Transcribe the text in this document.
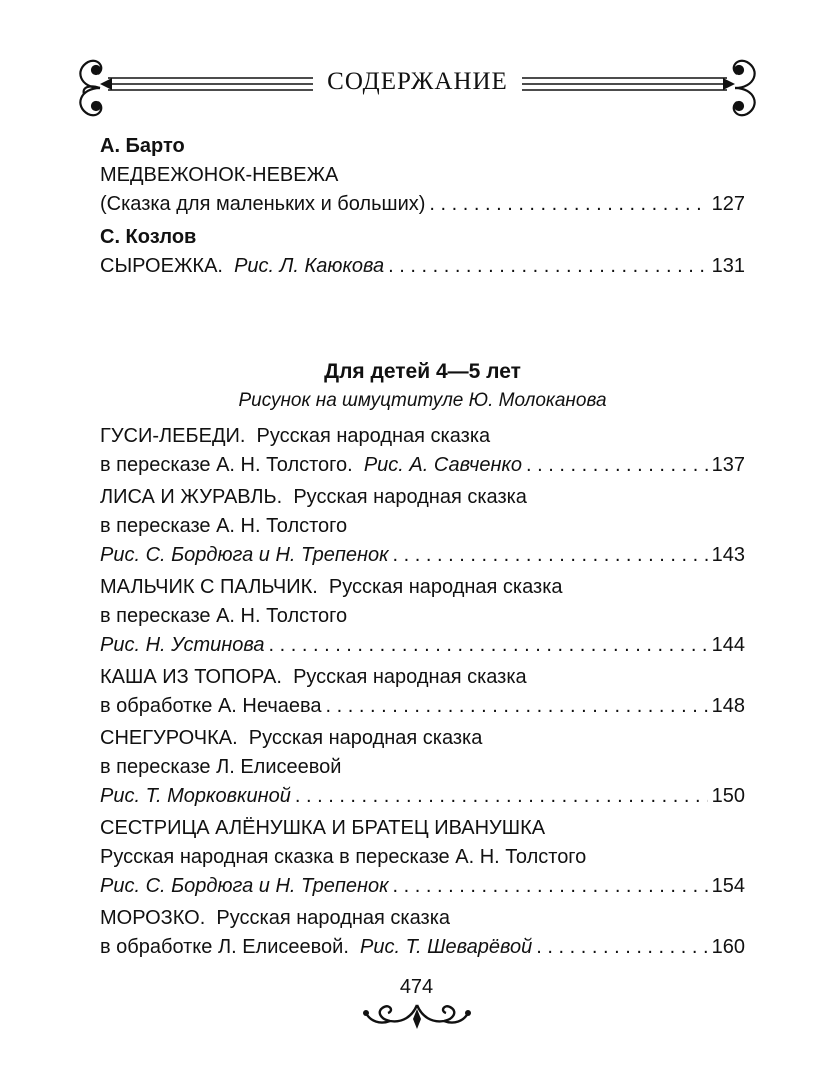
СОДЕРЖАНИЕ
А. Барто
МЕДВЕЖОНОК-НЕВЕЖА
(Сказка для маленьких и больших) . . .	127
С. Козлов
СЫРОЕЖКА. Рис. Л. Каюкова . . .	131
Для детей 4—5 лет
Рисунок на шмуцтитуле Ю. Молоканова
ГУСИ-ЛЕБЕДИ. Русская народная сказка
в пересказе А. Н. Толстого. Рис. А. Савченко . . .	137
ЛИСА И ЖУРАВЛЬ. Русская народная сказка
в пересказе А. Н. Толстого
Рис. С. Бордюга и Н. Трепенок . . .	143
МАЛЬЧИК С ПАЛЬЧИК. Русская народная сказка
в пересказе А. Н. Толстого
Рис. Н. Устинова . . .	144
КАША ИЗ ТОПОРА. Русская народная сказка
в обработке А. Нечаева . . .	148
СНЕГУРОЧКА. Русская народная сказка
в пересказе Л. Елисеевой
Рис. Т. Морковкиной . . .	150
СЕСТРИЦА АЛЁНУШКА И БРАТЕЦ ИВАНУШКА
Русская народная сказка в пересказе А. Н. Толстого
Рис. С. Бордюга и Н. Трепенок . . .	154
МОРОЗКО. Русская народная сказка
в обработке Л. Елисеевой. Рис. Т. Шеварёвой . . .	160
474
